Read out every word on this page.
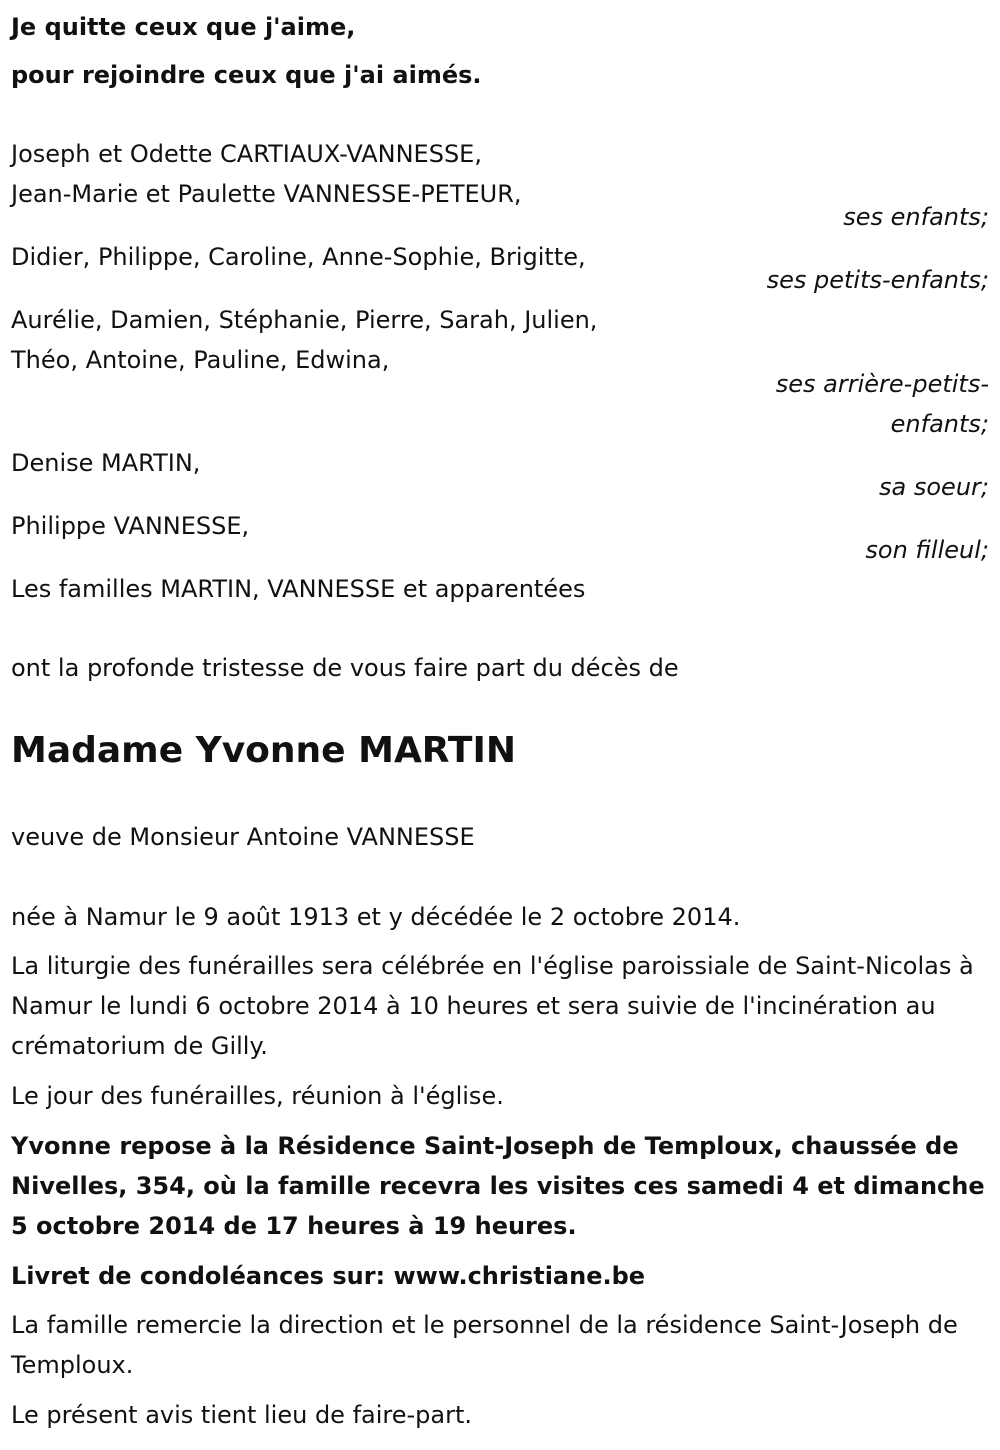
Je quitte ceux que j'aime,
pour rejoindre ceux que j'ai aimés.
Joseph et Odette CARTIAUX-VANNESSE,
Jean-Marie et Paulette VANNESSE-PETEUR,
ses enfants;
Didier, Philippe, Caroline, Anne-Sophie, Brigitte,
ses petits-enfants;
Aurélie, Damien, Stéphanie, Pierre, Sarah, Julien,
Théo, Antoine, Pauline, Edwina,
ses arrière-petits-
enfants;
Denise MARTIN,
sa soeur;
Philippe VANNESSE,
son filleul;
Les familles MARTIN, VANNESSE et apparentées
ont la profonde tristesse de vous faire part du décès de
Madame Yvonne MARTIN
veuve de Monsieur Antoine VANNESSE
née à Namur le 9 août 1913 et y décédée le 2 octobre 2014.
La liturgie des funérailles sera célébrée en l'église paroissiale de Saint-Nicolas à Namur le lundi 6 octobre 2014 à 10 heures et sera suivie de l'incinération au crématorium de Gilly.
Le jour des funérailles, réunion à l'église.
Yvonne repose à la Résidence Saint-Joseph de Temploux, chaussée de Nivelles, 354, où la famille recevra les visites ces samedi 4 et dimanche 5 octobre 2014 de 17 heures à 19 heures.
Livret de condoléances sur: www.christiane.be
La famille remercie la direction et le personnel de la résidence Saint-Joseph de Temploux.
Le présent avis tient lieu de faire-part.
